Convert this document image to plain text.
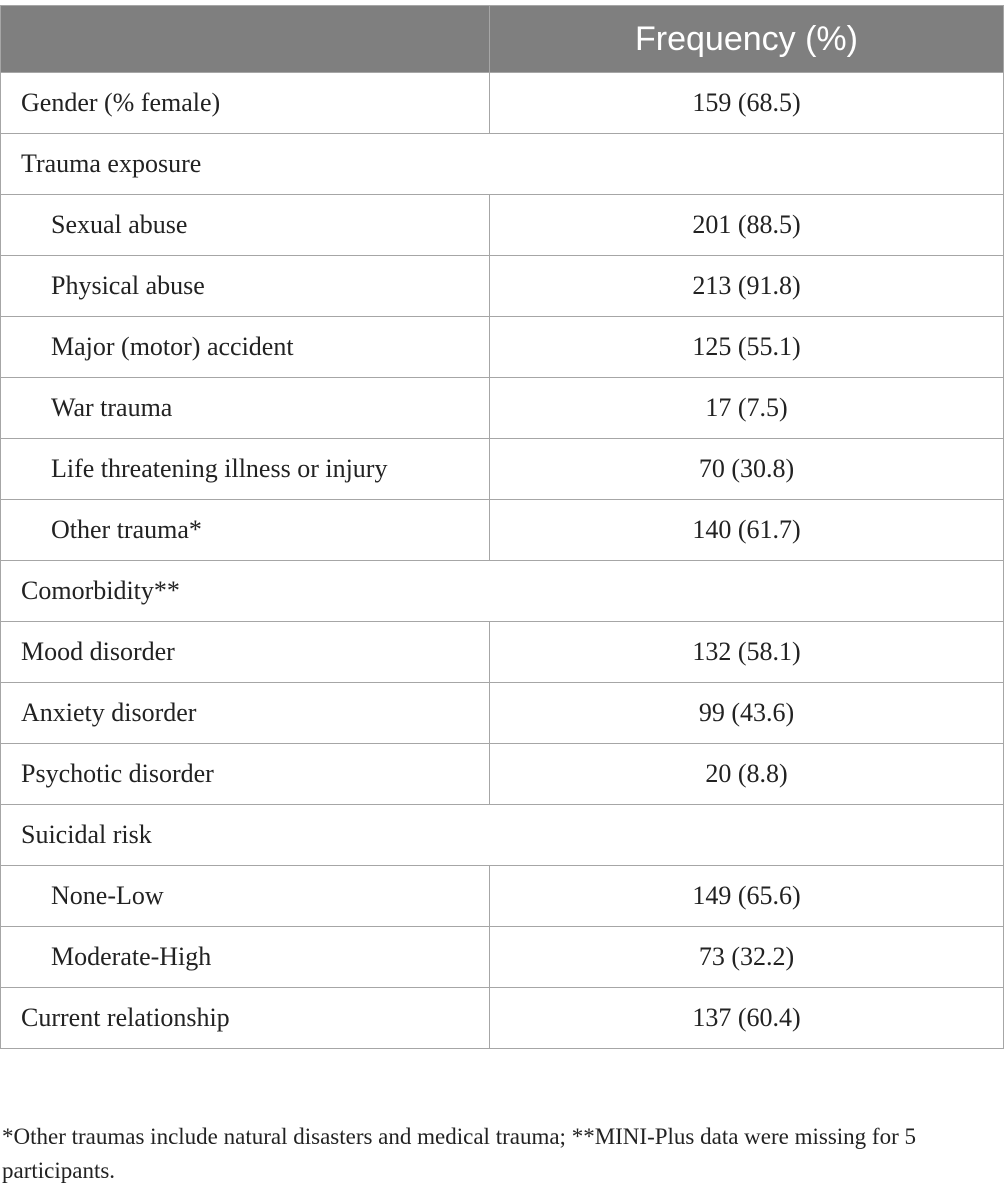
	Frequency (%)
Gender (% female)	159 (68.5)
Trauma exposure	
Sexual abuse	201 (88.5)
Physical abuse	213 (91.8)
Major (motor) accident	125 (55.1)
War trauma	17 (7.5)
Life threatening illness or injury	70 (30.8)
Other trauma*	140 (61.7)
Comorbidity**	
Mood disorder	132 (58.1)
Anxiety disorder	99 (43.6)
Psychotic disorder	20 (8.8)
Suicidal risk	
None-Low	149 (65.6)
Moderate-High	73 (32.2)
Current relationship	137 (60.4)
*Other traumas include natural disasters and medical trauma; **MINI-Plus data were missing for 5 participants.
